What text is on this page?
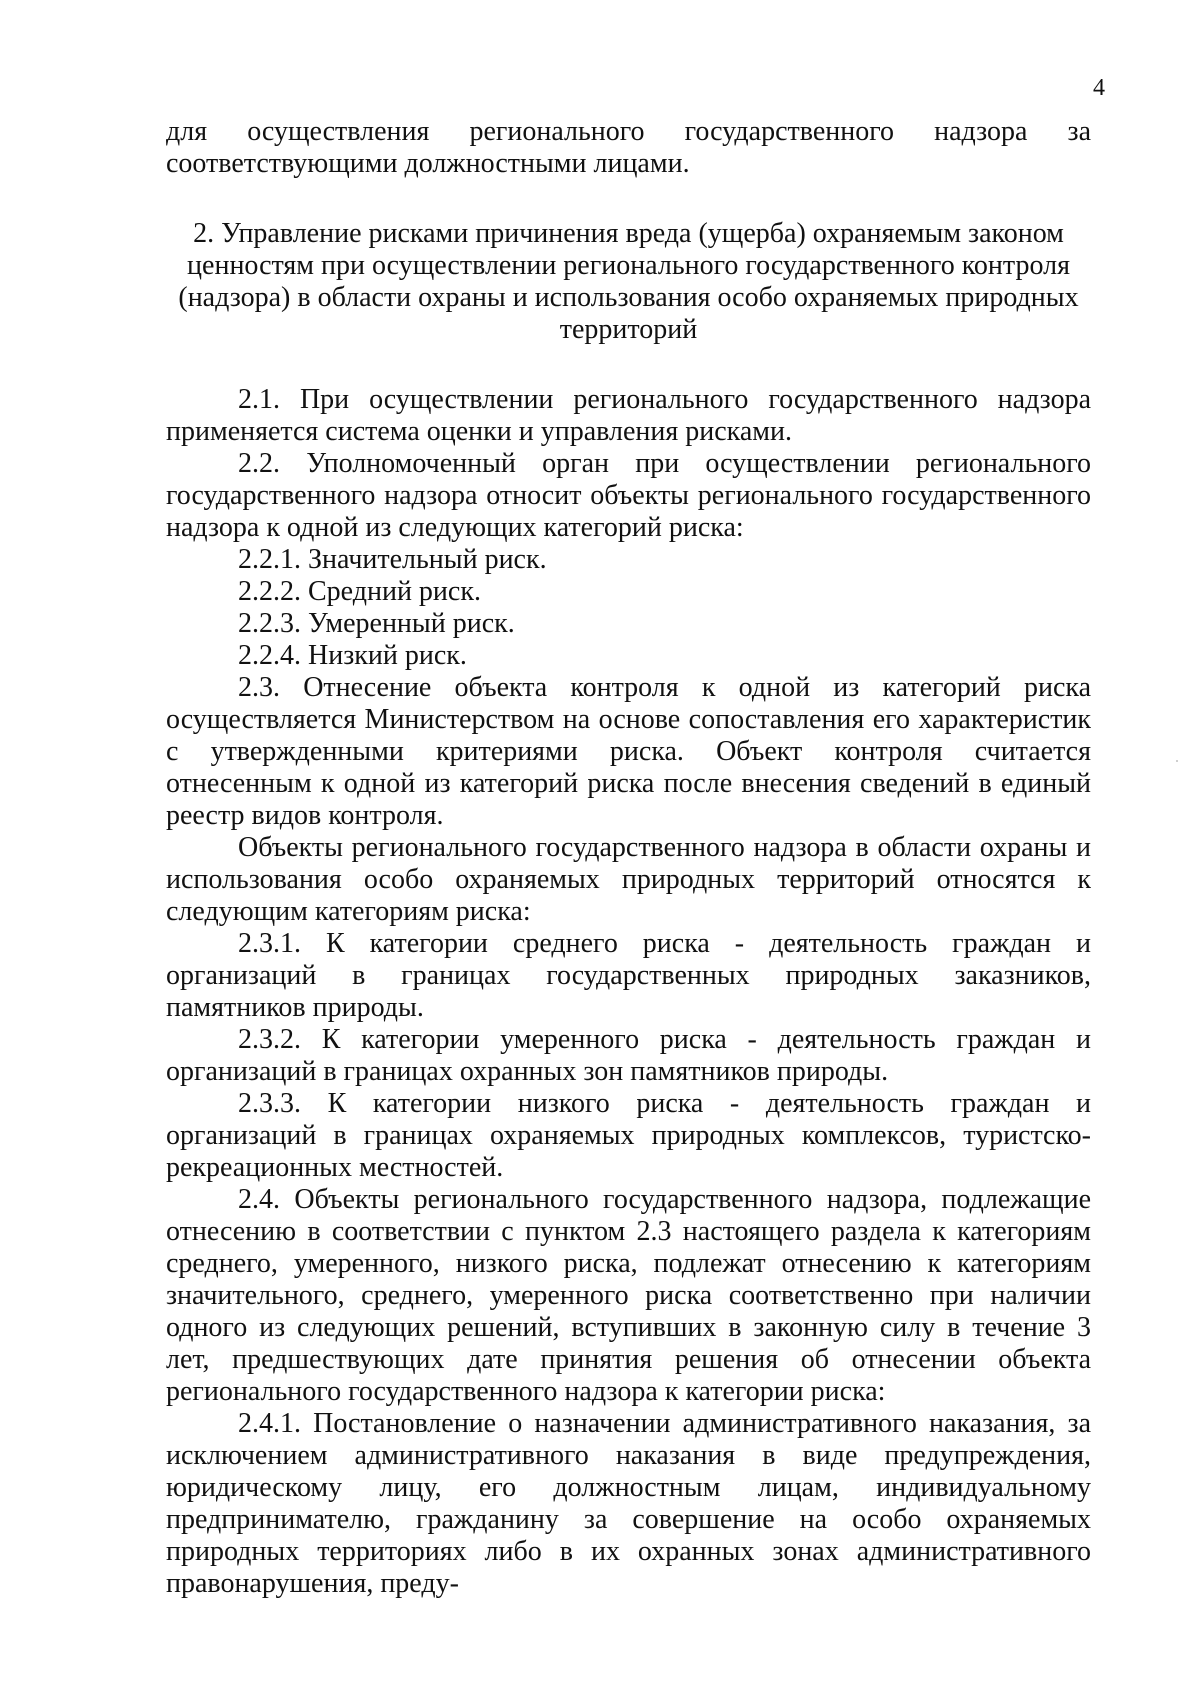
4

для осуществления регионального государственного надзора за соответствующими должностными лицами.

2. Управление рисками причинения вреда (ущерба) охраняемым законом ценностям при осуществлении регионального государственного контроля (надзора) в области охраны и использования особо охраняемых природных территорий

2.1. При осуществлении регионального государственного надзора применяется система оценки и управления рисками.

2.2. Уполномоченный орган при осуществлении регионального государственного надзора относит объекты регионального государственного надзора к одной из следующих категорий риска:

2.2.1. Значительный риск.

2.2.2. Средний риск.

2.2.3. Умеренный риск.

2.2.4. Низкий риск.

2.3. Отнесение объекта контроля к одной из категорий риска осуществляется Министерством на основе сопоставления его характеристик с утвержденными критериями риска. Объект контроля считается отнесенным к одной из категорий риска после внесения сведений в единый реестр видов контроля.

Объекты регионального государственного надзора в области охраны и использования особо охраняемых природных территорий относятся к следующим категориям риска:

2.3.1. К категории среднего риска - деятельность граждан и организаций в границах государственных природных заказников, памятников природы.

2.3.2. К категории умеренного риска - деятельность граждан и организаций в границах охранных зон памятников природы.

2.3.3. К категории низкого риска - деятельность граждан и организаций в границах охраняемых природных комплексов, туристско-рекреационных местностей.

2.4. Объекты регионального государственного надзора, подлежащие отнесению в соответствии с пунктом 2.3 настоящего раздела к категориям среднего, умеренного, низкого риска, подлежат отнесению к категориям значительного, среднего, умеренного риска соответственно при наличии одного из следующих решений, вступивших в законную силу в течение 3 лет, предшествующих дате принятия решения об отнесении объекта регионального государственного надзора к категории риска:

2.4.1. Постановление о назначении административного наказания, за исключением административного наказания в виде предупреждения, юридическому лицу, его должностным лицам, индивидуальному предпринимателю, гражданину за совершение на особо охраняемых природных территориях либо в их охранных зонах административного правонарушения, преду-
